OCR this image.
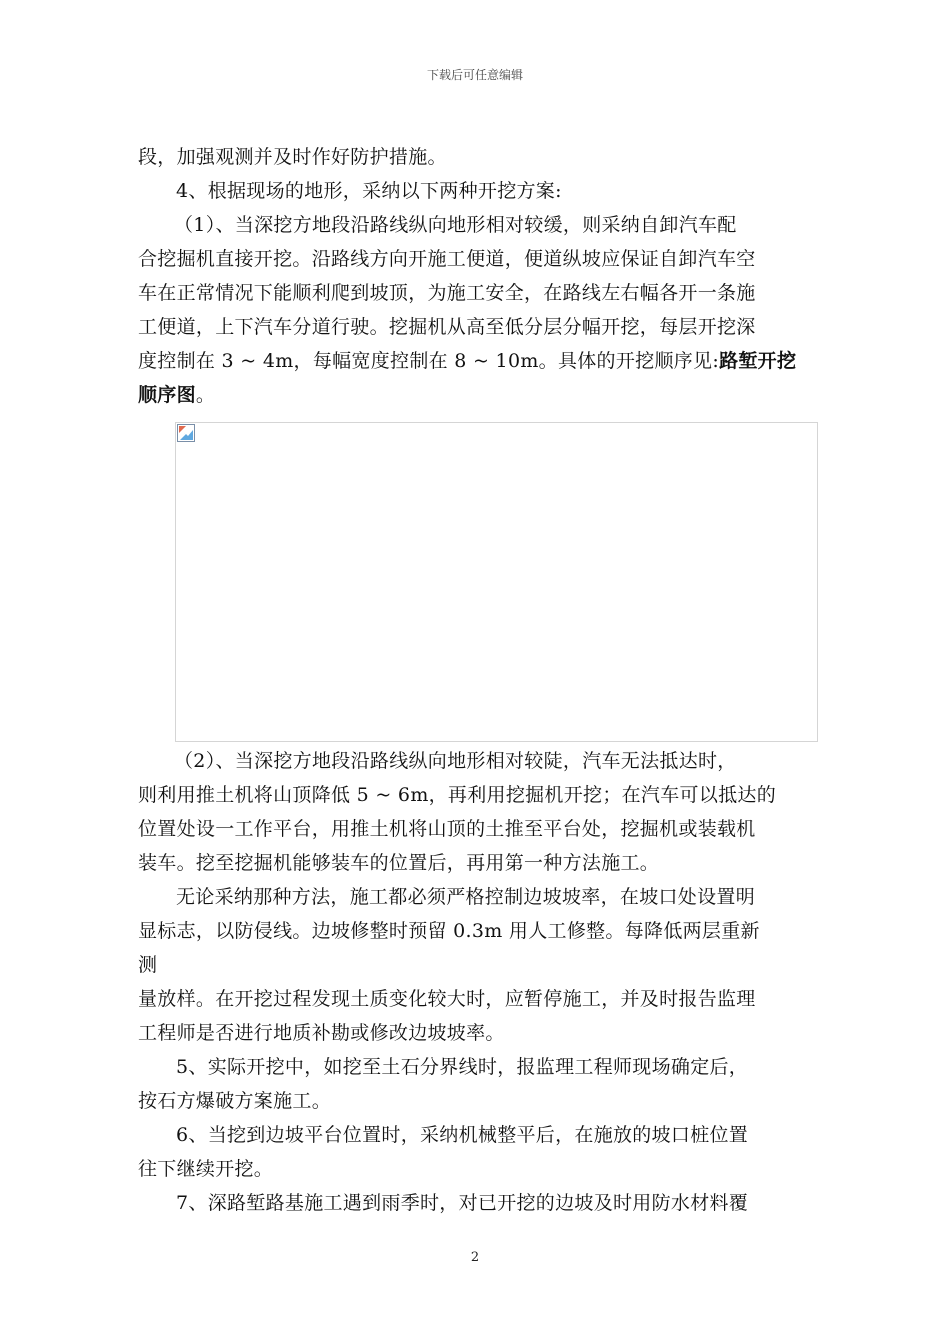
下载后可任意编辑
段，加强观测并及时作好防护措施。
4、根据现场的地形，采纳以下两种开挖方案:
（1）、当深挖方地段沿路线纵向地形相对较缓，则采纳自卸汽车配
合挖掘机直接开挖。沿路线方向开施工便道，便道纵坡应保证自卸汽车空
车在正常情况下能顺利爬到坡顶，为施工安全，在路线左右幅各开一条施
工便道，上下汽车分道行驶。挖掘机从高至低分层分幅开挖，每层开挖深
度控制在 3 ~ 4m，每幅宽度控制在 8 ~ 10m。具体的开挖顺序见:路堑开挖
顺序图。
（2）、当深挖方地段沿路线纵向地形相对较陡，汽车无法抵达时，
则利用推土机将山顶降低 5 ~ 6m，再利用挖掘机开挖；在汽车可以抵达的
位置处设一工作平台，用推土机将山顶的土推至平台处，挖掘机或装载机
装车。挖至挖掘机能够装车的位置后，再用第一种方法施工。
无论采纳那种方法，施工都必须严格控制边坡坡率，在坡口处设置明
显标志，以防侵线。边坡修整时预留 0.3m 用人工修整。每降低两层重新
测
量放样。在开挖过程发现土质变化较大时，应暂停施工，并及时报告监理
工程师是否进行地质补勘或修改边坡坡率。
5、实际开挖中，如挖至土石分界线时，报监理工程师现场确定后，
按石方爆破方案施工。
6、当挖到边坡平台位置时，采纳机械整平后，在施放的坡口桩位置
往下继续开挖。
7、深路堑路基施工遇到雨季时，对已开挖的边坡及时用防水材料覆
2
